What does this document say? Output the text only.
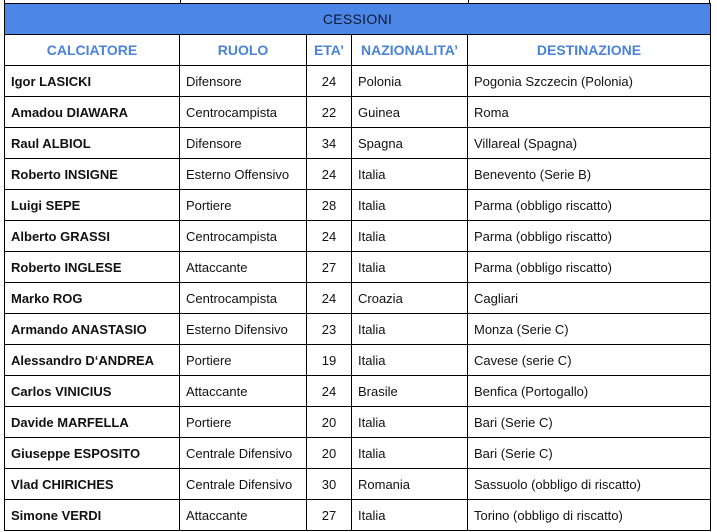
CESSIONI				
CALCIATORE	RUOLO	ETA’	NAZIONALITA’	DESTINAZIONE
Igor LASICKI	Difensore	24	Polonia	Pogonia Szczecin (Polonia)
Amadou DIAWARA	Centrocampista	22	Guinea	Roma
Raul ALBIOL	Difensore	34	Spagna	Villareal (Spagna)
Roberto INSIGNE	Esterno Offensivo	24	Italia	Benevento (Serie B)
Luigi SEPE	Portiere	28	Italia	Parma (obbligo riscatto)
Alberto GRASSI	Centrocampista	24	Italia	Parma (obbligo riscatto)
Roberto INGLESE	Attaccante	27	Italia	Parma (obbligo riscatto)
Marko ROG	Centrocampista	24	Croazia	Cagliari
Armando ANASTASIO	Esterno Difensivo	23	Italia	Monza (Serie C)
Alessandro D‘ANDREA	Portiere	19	Italia	Cavese (serie C)
Carlos VINICIUS	Attaccante	24	Brasile	Benfica (Portogallo)
Davide MARFELLA	Portiere	20	Italia	Bari (Serie C)
Giuseppe ESPOSITO	Centrale Difensivo	20	Italia	Bari (Serie C)
Vlad CHIRICHES	Centrale Difensivo	30	Romania	Sassuolo (obbligo di riscatto)
Simone VERDI	Attaccante	27	Italia	Torino (obbligo di riscatto)
